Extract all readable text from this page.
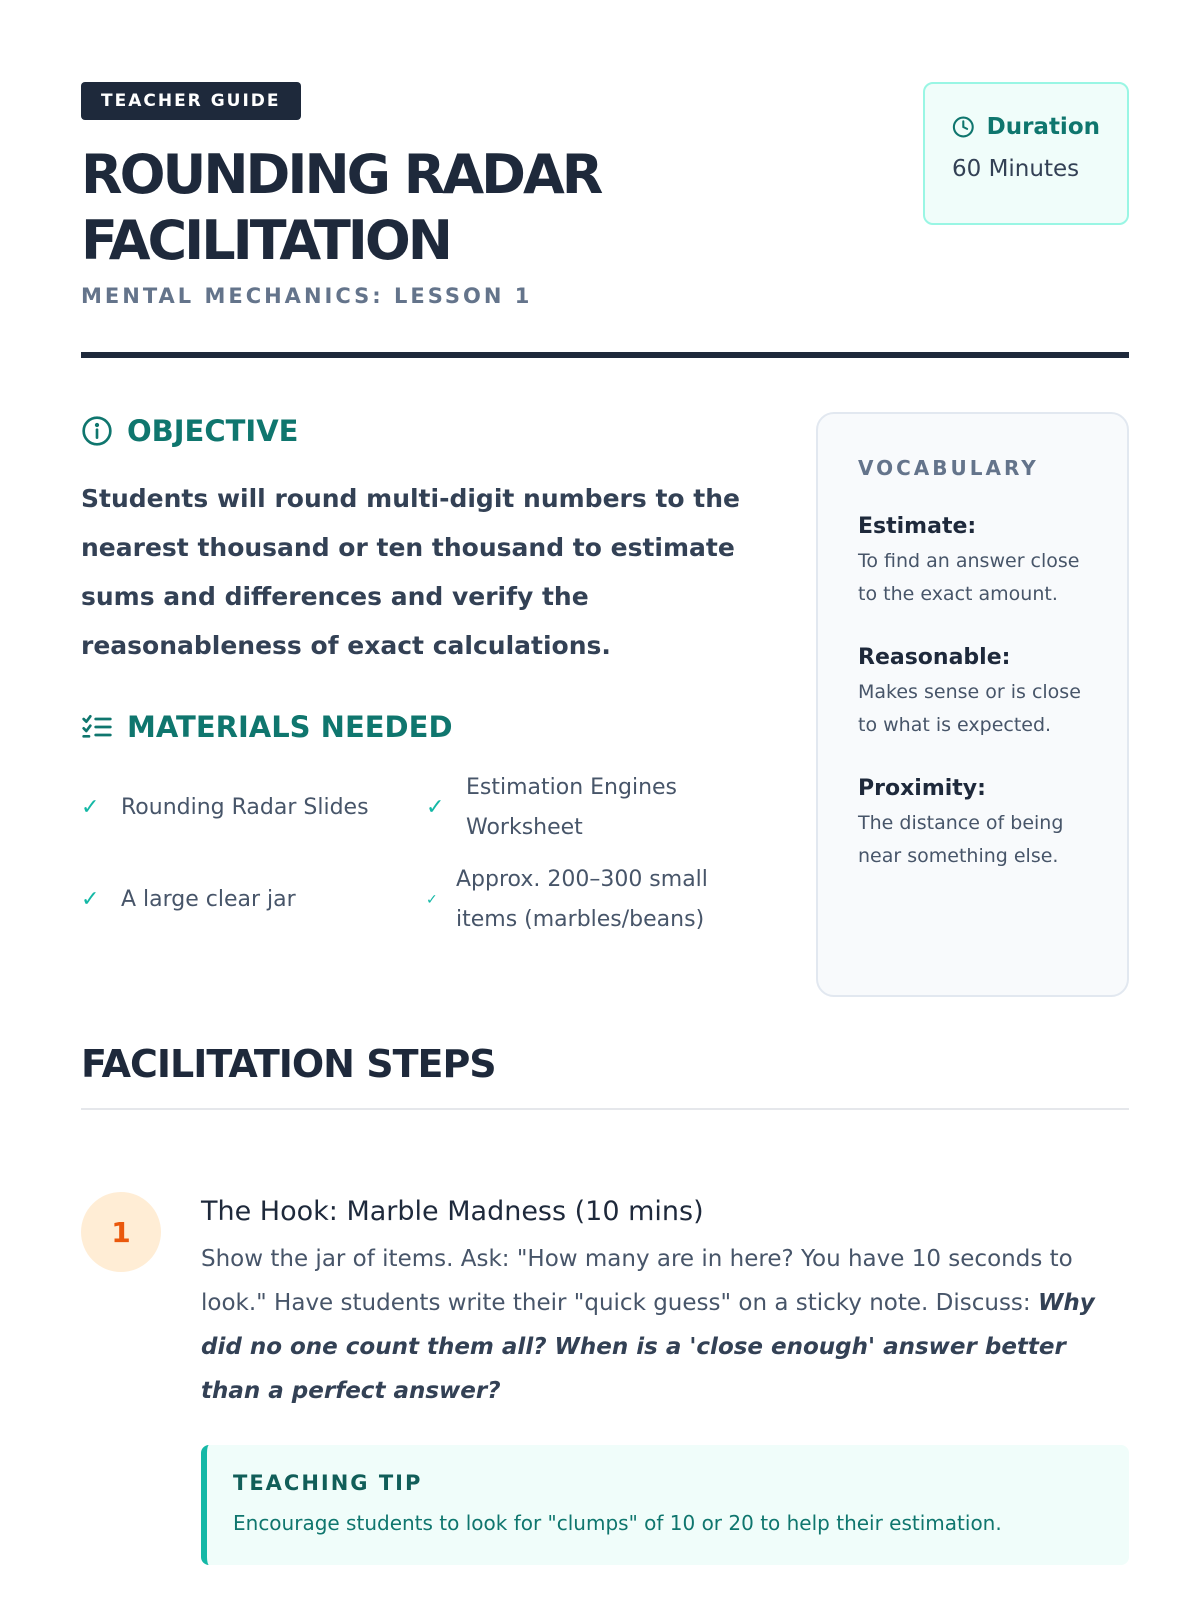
TEACHER GUIDE
ROUNDING RADAR
FACILITATION
MENTAL MECHANICS: LESSON 1
Duration
60 Minutes
OBJECTIVE

Students will round multi-digit numbers to the nearest thousand or ten thousand to estimate sums and differences and verify the reasonableness of exact calculations.

MATERIALS NEEDED
✓ Rounding Radar Slides	✓
Estimation Engines Worksheet
✓ A large clear jar	✓
Approx. 200–300 small items (marbles/beans)
VOCABULARY
Estimate:
To find an answer close to the exact amount.
Reasonable:
Makes sense or is close to what is expected.
Proximity:
The distance of being near something else.
FACILITATION STEPS
1
The Hook: Marble Madness (10 mins)

Show the jar of items. Ask: "How many are in here? You have 10 seconds to look." Have students write their "quick guess" on a sticky note. Discuss: Why did no one count them all? When is a 'close enough' answer better than a perfect answer?

TEACHING TIP
Encourage students to look for "clumps" of 10 or 20 to help their estimation.
